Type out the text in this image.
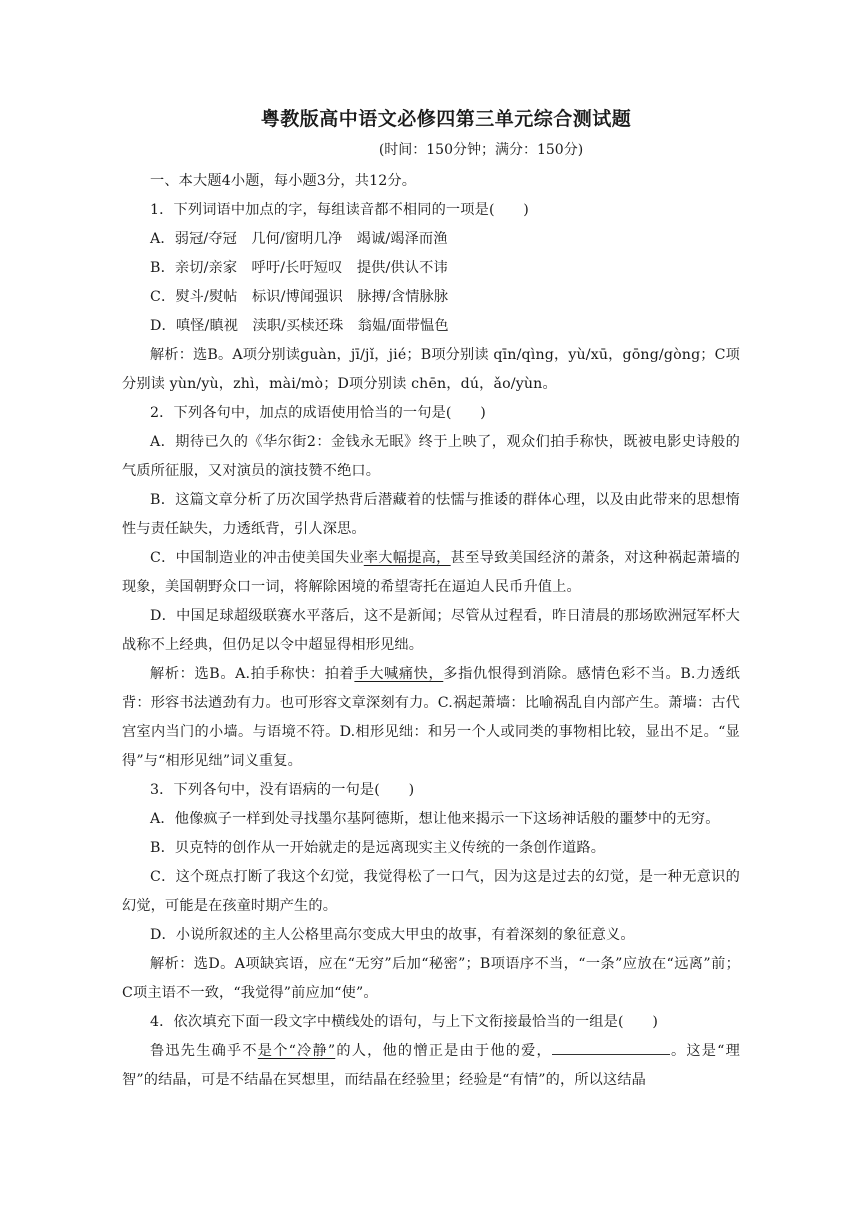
粤教版高中语文必修四第三单元综合测试题
(时间：150分钟；满分：150分)

一、本大题4小题，每小题3分，共12分。

1．下列词语中加点的字，每组读音都不相同的一项是(　　)

A．弱冠/夺冠　几何/窗明几净　竭诚/竭泽而渔

B．亲切/亲家　呼吁/长吁短叹　提供/供认不讳

C．熨斗/熨帖　标识/博闻强识　脉搏/含情脉脉

D．嗔怪/瞋视　渎职/买椟还珠　翁媪/面带愠色

解析：选B。A项分别读guàn，jī/jǐ，jié；B项分别读 qīn/qìng，yù/xū，gōng/gòng；C项分别读 yùn/yù，zhì，mài/mò；D项分别读 chēn，dú，ǎo/yùn。

2．下列各句中，加点的成语使用恰当的一句是(　　)

A．期待已久的《华尔街2：金钱永无眠》终于上映了，观众们拍手称快，既被电影史诗般的气质所征服，又对演员的演技赞不绝口。

B．这篇文章分析了历次国学热背后潜藏着的怯懦与推诿的群体心理，以及由此带来的思想惰性与责任缺失，力透纸背，引人深思。

C．中国制造业的冲击使美国失业率大幅提高，甚至导致美国经济的萧条，对这种祸起萧墙的现象，美国朝野众口一词，将解除困境的希望寄托在逼迫人民币升值上。

D．中国足球超级联赛水平落后，这不是新闻；尽管从过程看，昨日清晨的那场欧洲冠军杯大战称不上经典，但仍足以令中超显得相形见绌。

解析：选B。A.拍手称快：拍着手大喊痛快，多指仇恨得到消除。感情色彩不当。B.力透纸背：形容书法遒劲有力。也可形容文章深刻有力。C.祸起萧墙：比喻祸乱自内部产生。萧墙：古代宫室内当门的小墙。与语境不符。D.相形见绌：和另一个人或同类的事物相比较，显出不足。“显得”与“相形见绌”词义重复。

3．下列各句中，没有语病的一句是(　　)

A．他像疯子一样到处寻找墨尔基阿德斯，想让他来揭示一下这场神话般的噩梦中的无穷。

B．贝克特的创作从一开始就走的是远离现实主义传统的一条创作道路。

C．这个斑点打断了我这个幻觉，我觉得松了一口气，因为这是过去的幻觉，是一种无意识的幻觉，可能是在孩童时期产生的。

D．小说所叙述的主人公格里高尔变成大甲虫的故事，有着深刻的象征意义。

解析：选D。A项缺宾语，应在“无穷”后加“秘密”；B项语序不当，“一条”应放在“远离”前；C项主语不一致，“我觉得”前应加“使”。

4．依次填充下面一段文字中横线处的语句，与上下文衔接最恰当的一组是(　　)

鲁迅先生确乎不是个“冷静”的人，他的憎正是由于他的爱，	。这是“理智”的结晶，可是不结晶在冥想里，而结晶在经验里；经验是“有情”的，所以这结晶
